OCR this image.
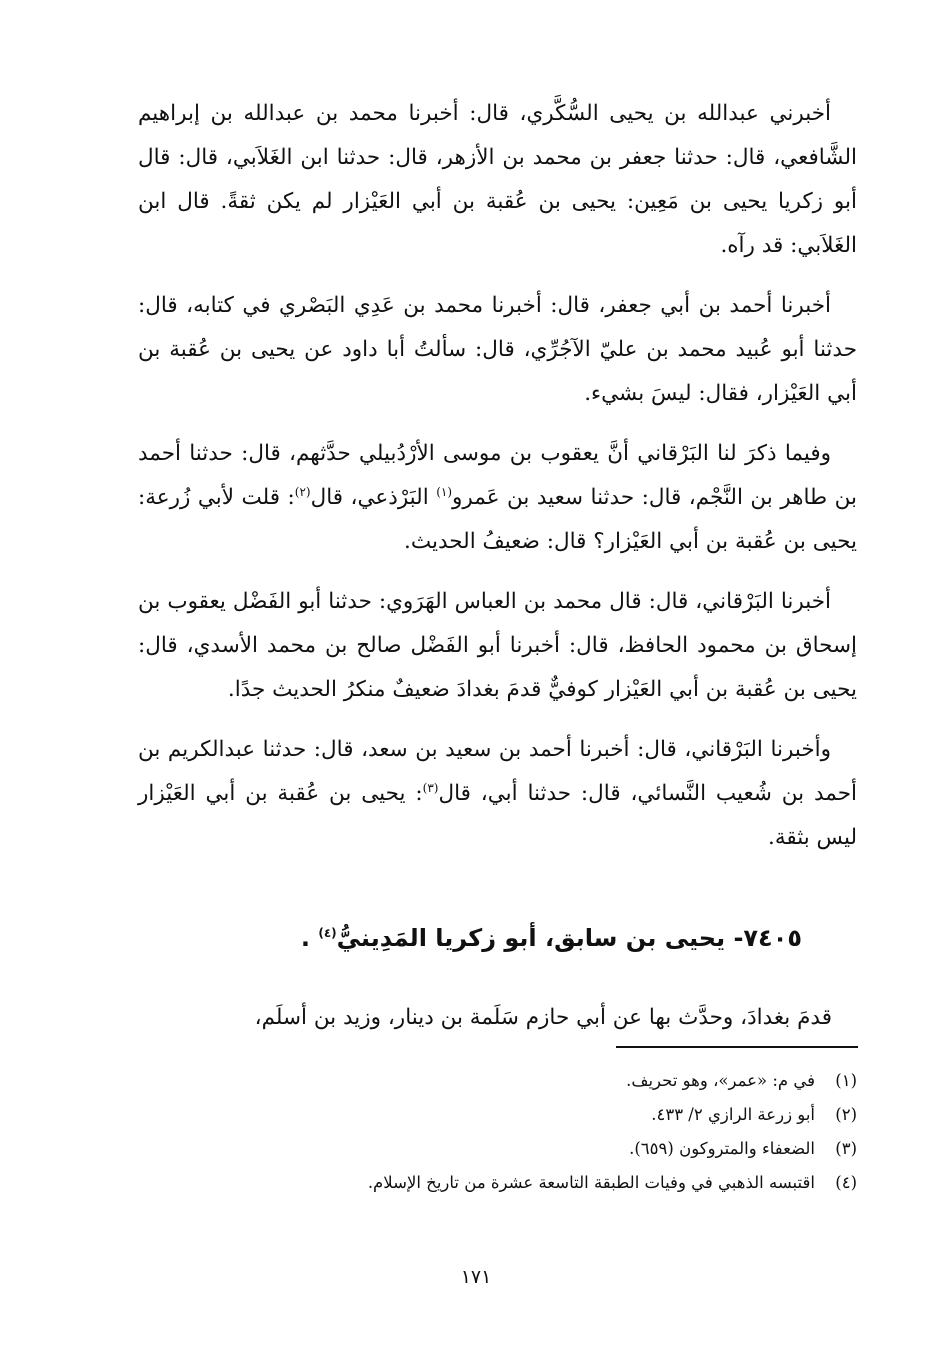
أخبرني عبدالله بن يحيى السُّكَّري، قال: أخبرنا محمد بن عبدالله بن إبراهيم الشَّافعي، قال: حدثنا جعفر بن محمد بن الأزهر، قال: حدثنا ابن الغَلاَبي، قال: قال أبو زكريا يحيى بن مَعِين: يحيى بن عُقبة بن أبي العَيْزار لم يكن ثقةً. قال ابن الغَلاَبي: قد رآه.

أخبرنا أحمد بن أبي جعفر، قال: أخبرنا محمد بن عَدِي البَصْري في كتابه، قال: حدثنا أبو عُبيد محمد بن عليّ الآجُرِّي، قال: سألتُ أبا داود عن يحيى بن عُقبة بن أبي العَيْزار، فقال: ليسَ بشيء.

وفيما ذكرَ لنا البَرْقاني أنَّ يعقوب بن موسى الأرْدُبيلي حدَّثهم، قال: حدثنا أحمد بن طاهر بن النَّجْم، قال: حدثنا سعيد بن عَمرو$^{(١)}$ البَرْذعي، قال$^{(٢)}$: قلت لأبي زُرعة: يحيى بن عُقبة بن أبي العَيْزار؟ قال: ضعيفُ الحديث.

أخبرنا البَرْقاني، قال: قال محمد بن العباس الهَرَوي: حدثنا أبو الفَضْل يعقوب بن إسحاق بن محمود الحافظ، قال: أخبرنا أبو الفَضْل صالح بن محمد الأسدي، قال: يحيى بن عُقبة بن أبي العَيْزار كوفيٌّ قدمَ بغدادَ ضعيفٌ منكرُ الحديث جدًا.

وأخبرنا البَرْقاني، قال: أخبرنا أحمد بن سعيد بن سعد، قال: حدثنا عبدالكريم بن أحمد بن شُعيب النَّسائي، قال: حدثنا أبي، قال$^{(٣)}$: يحيى بن عُقبة بن أبي العَيْزار ليس بثقة.

٧٤٠٥- يحيى بن سابق، أبو زكريا المَدِينيُّ$^{(٤)}$ .
قدمَ بغدادَ، وحدَّث بها عن أبي حازم سَلَمة بن دينار، وزيد بن أسلَم،
(١)في م: «عمر»، وهو تحريف.
(٢)أبو زرعة الرازي ٢/ ٤٣٣.
(٣)الضعفاء والمتروكون (٦٥٩).
(٤)اقتبسه الذهبي في وفيات الطبقة التاسعة عشرة من تاريخ الإسلام.
١٧١
